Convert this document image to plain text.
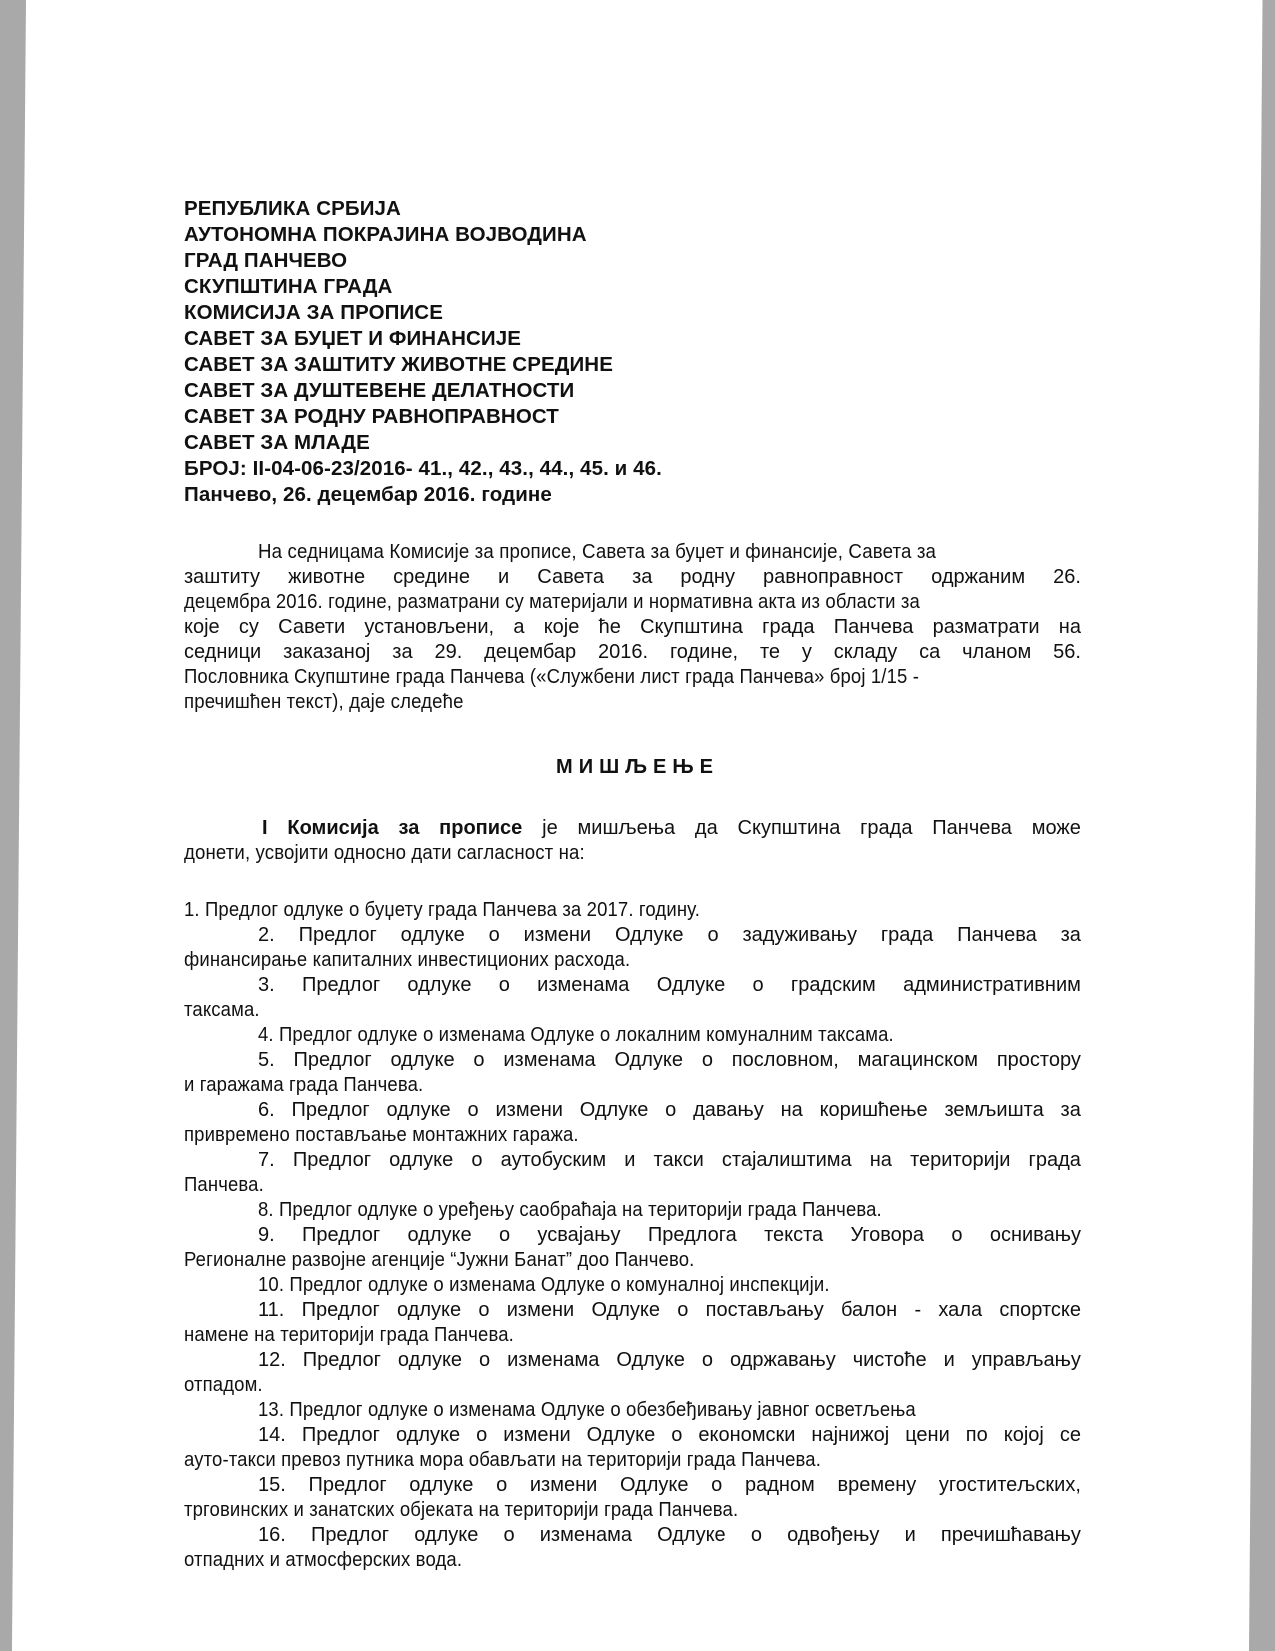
РЕПУБЛИКА СРБИЈА
АУТОНОМНА ПОКРАЈИНА ВОЈВОДИНА
ГРАД ПАНЧЕВО
СКУПШТИНА ГРАДА
КОМИСИЈА ЗА ПРОПИСЕ
САВЕТ ЗА БУЏЕТ И ФИНАНСИЈЕ
САВЕТ ЗА ЗАШТИТУ ЖИВОТНЕ СРЕДИНЕ
САВЕТ ЗА ДУШТЕВЕНЕ ДЕЛАТНОСТИ
САВЕТ ЗА РОДНУ РАВНОПРАВНОСТ
САВЕТ ЗА МЛАДЕ
БРОЈ: II-04-06-23/2016- 41., 42., 43., 44., 45. и 46.
Панчево, 26. децембар 2016. године
На седницама Комисије за прописе, Савета за буџет и финансије, Савета за
заштиту животне средине и Савета за родну равноправност одржаним 26.
децембра 2016. године, разматрани су материјали и нормативна акта из области за
које су Савети установљени, а које ће Скупштина града Панчева разматрати на
седници заказаној за 29. децембар 2016. године, те у складу са чланом 56.
Пословника Скупштине града Панчева («Службени лист града Панчева» број 1/15 -
пречишћен текст), даје следеће
МИШЉЕЊЕ
I Комисија за прописе је мишљења да Скупштина града Панчева може
донети, усвојити односно дати сагласност на:
1. Предлог одлуке о буџету града Панчева за 2017. годину.
2. Предлог одлуке о измени Одлуке о задуживању града Панчева за
финансирање капиталних инвестиционих расхода.
3. Предлог одлуке о изменама Одлуке о градским административним
таксама.
4. Предлог одлуке о изменама Одлуке о локалним комуналним таксама.
5. Предлог одлуке о изменама Одлуке о пословном, магацинском простору
и гаражама града Панчева.
6. Предлог одлуке о измени Одлуке о давању на коришћење земљишта за
привремено постављање монтажних гаража.
7. Предлог одлуке о аутобуским и такси стајалиштима на територији града
Панчева.
8. Предлог одлуке о уређењу саобраћаја на територији града Панчева.
9. Предлог одлуке о усвајању Предлога текста Уговора о оснивању
Регионалне развојне агенције “Јужни Банат” доо Панчево.
10. Предлог одлуке о изменама Одлуке о комуналној инспекцији.
11. Предлог одлуке о измени Одлуке о постављању балон - хала спортске
намене на територији града Панчева.
12. Предлог одлуке о изменама Одлуке о одржавању чистоће и управљању
отпадом.
13. Предлог одлуке о изменама Одлуке о обезбеђивању јавног осветљења
14. Предлог одлуке о измени Одлуке о економски најнижој цени по којој се
ауто-такси превоз путника мора обављати на територији града Панчева.
15. Предлог одлуке о измени Одлуке о радном времену угоститељских,
трговинских и занатских објеката на територији града Панчева.
16. Предлог одлуке о изменама Одлуке о одвођењу и пречишћавању
отпадних и атмосферских вода.
